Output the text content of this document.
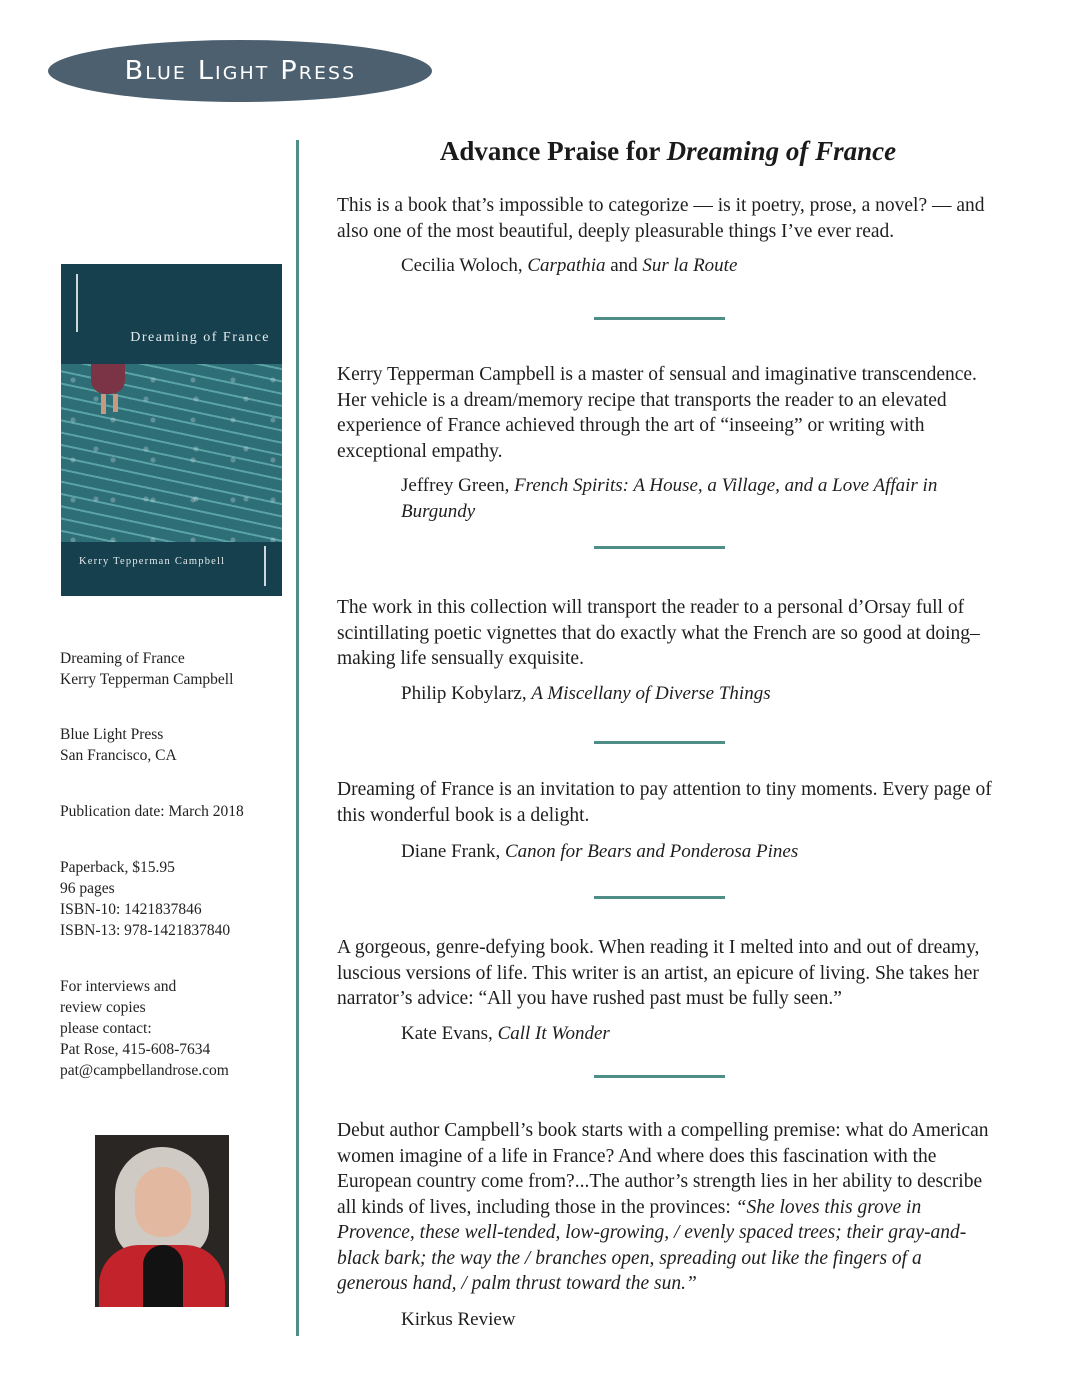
Blue Light Press
Dreaming of France
Kerry Tepperman Campbell
Dreaming of France
Kerry Tepperman Campbell
Blue Light Press
San Francisco, CA
Publication date: March 2018
Paperback, $15.95
96 pages
ISBN-10: 1421837846
ISBN-13: 978-1421837840
For interviews and
review copies
please contact:
Pat Rose, 415-608-7634
pat@campbellandrose.com
Advance Praise for Dreaming of France
This is a book that’s impossible to categorize — is it poetry, prose, a novel? — and also one of the most beautiful, deeply pleasurable things I’ve ever read.
Cecilia Woloch, Carpathia and Sur la Route
Kerry Tepperman Campbell is a master of sensual and imaginative transcendence. Her vehicle is a dream/memory recipe that transports the reader to an elevated experience of France achieved through the art of “inseeing” or writing with exceptional empathy.
Jeffrey Green, French Spirits: A House, a Village, and a Love Affair in Burgundy
The work in this collection will transport the reader to a personal d’Orsay full of scintillating poetic vignettes that do exactly what the French are so good at doing– making life sensually exquisite.
Philip Kobylarz, A Miscellany of Diverse Things
Dreaming of France is an invitation to pay attention to tiny moments. Every page of this wonderful book is a delight.
Diane Frank, Canon for Bears and Ponderosa Pines
A gorgeous, genre-defying book. When reading it I melted into and out of dreamy, luscious versions of life. This writer is an artist, an epicure of living. She takes her narrator’s advice: “All you have rushed past must be fully seen.”
Kate Evans, Call It Wonder
Debut author Campbell’s book starts with a compelling premise: what do American women imagine of a life in France? And where does this fascination with the European country come from?...The author’s strength lies in her ability to describe all kinds of lives, including those in the provinces: “She loves this grove in Provence, these well-tended, low-growing, / evenly spaced trees; their gray-and-black bark; the way the / branches open, spreading out like the fingers of a generous hand, / palm thrust toward the sun.”
Kirkus Review
